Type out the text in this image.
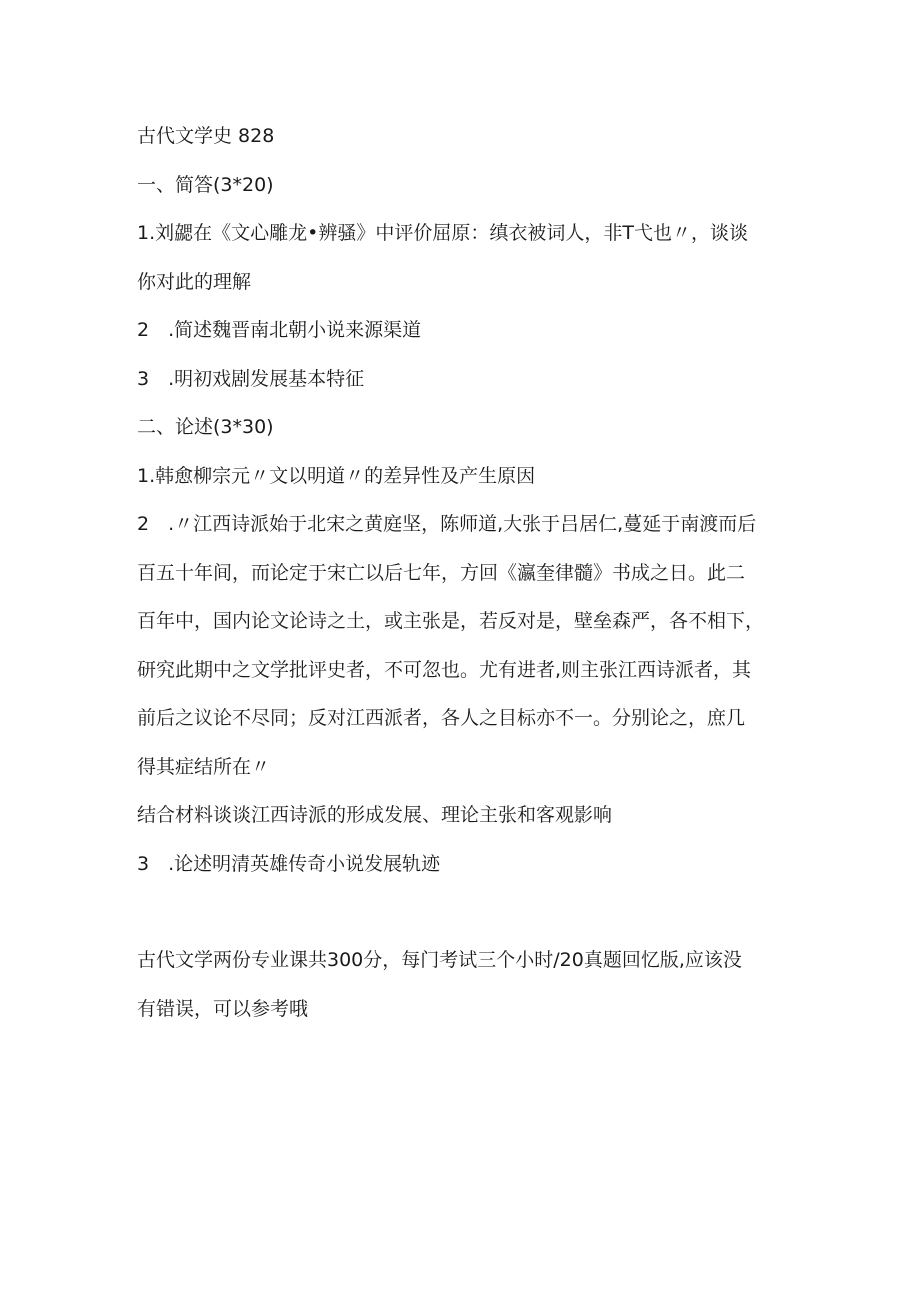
古代文学史 828
一、简答(3*20)
1.刘勰在《文心雕龙•辨骚》中评价屈原：缜衣被词人，非T弋也〃，谈谈
你对此的理解
2　.简述魏晋南北朝小说来源渠道
3　.明初戏剧发展基本特征
二、论述(3*30)
1.韩愈柳宗元〃文以明道〃的差异性及产生原因
2　.〃江西诗派始于北宋之黄庭坚，陈师道,大张于吕居仁,蔓延于南渡而后
百五十年间，而论定于宋亡以后七年，方回《瀛奎律髓》书成之日。此二
百年中，国内论文论诗之土，或主张是，若反对是，壁垒森严，各不相下，
研究此期中之文学批评史者，不可忽也。尤有进者,则主张江西诗派者，其
前后之议论不尽同；反对江西派者，各人之目标亦不一。分别论之，庶几
得其症结所在〃
结合材料谈谈江西诗派的形成发展、理论主张和客观影响
3　.论述明清英雄传奇小说发展轨迹
古代文学两份专业课共300分，每门考试三个小时/20真题回忆版,应该没
有错误，可以参考哦
